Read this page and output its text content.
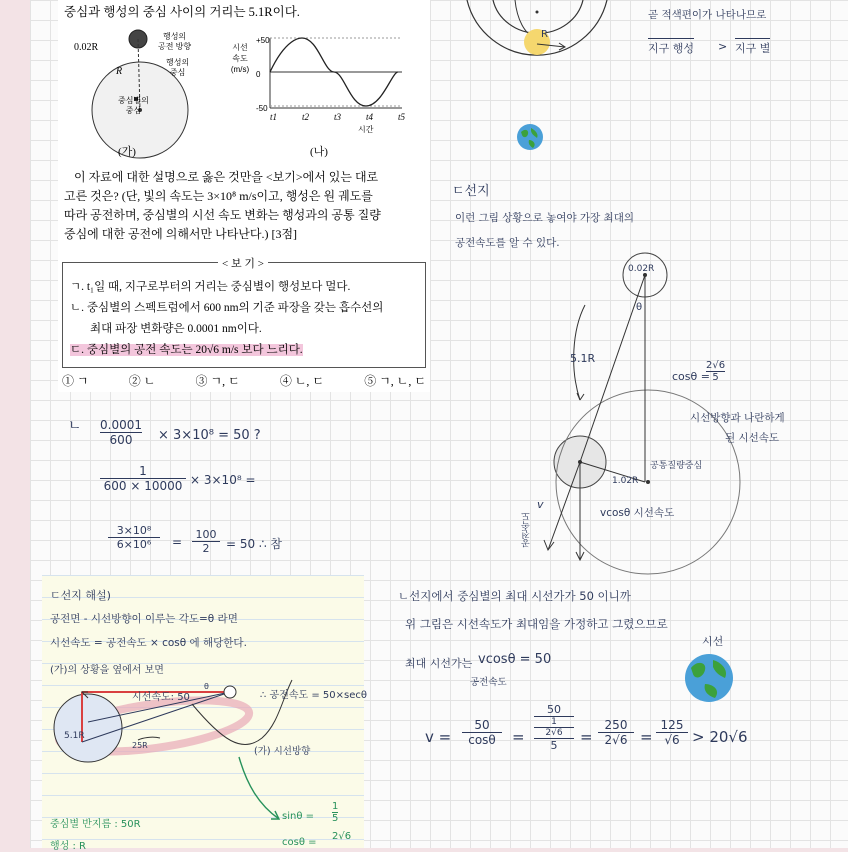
중심과 행성의 중심 사이의 거리는 5.1R이다.
0.02R
행성의
공전 방향
행성의
중심
R
중심별의
중심
(가)
시선 속도 (m/s)
+50
0
-50
t1	t2	t3	t4	t5
시간
(나)
이 자료에 대한 설명으로 옳은 것만을 <보기>에서 있는 대로
고른 것은? (단, 빛의 속도는 3×10⁸ m/s이고, 행성은 원 궤도를
따라 공전하며, 중심별의 시선 속도 변화는 행성과의 공통 질량
중심에 대한 공전에 의해서만 나타난다.) [3점]
< 보 기 >
ㄱ. t₁일 때, 지구로부터의 거리는 중심별이 행성보다 멀다.
ㄴ. 중심별의 스펙트럼에서 600 nm의 기준 파장을 갖는 흡수선의
최대 파장 변화량은 0.0001 nm이다.
ㄷ. 중심별의 공전 속도는 20√6 m/s 보다 느리다.
① ㄱ	② ㄴ	③ ㄱ, ㄷ	④ ㄴ, ㄷ	⑤ ㄱ, ㄴ, ㄷ
R
곧 적색편이가 나타나므로
지구 행성 > 지구 별
ㄴ $\frac{0.0001}{600} \times 3\times 10^8 = 50$ ?
$\frac{1}{600 \times 10000} \times 3\times 10^8$ =
$\frac{\text{3×10⁸}}{\text{6×10⁶}} = \frac{100}{2} = 50$ ∴ 참
ㄷ선지
이런 그림 상황으로 놓여야 가장 최대의
공전속도를 알 수 있다.
0.02R
θ
5.1R
cosθ =
$\frac{2√6}{5}$
시선방향과 나란하게
된 시선속도
공통질량중심
1.02R
v
공전속도	vcosθ 시선속도
ㄷ선지 해설)
공전면 - 시선방향이 이루는 각도=θ 라면
시선속도 = 공전속도 × cosθ 에 해당한다.
(가)의 상황을 옆에서 보면
시선속도: 50
θ
∴ 공전속도 = 50×secθ
5.1R
25R
(가) 시선방향
중심별 반지름 : 50R
행성 : R
$\sin\theta = \frac{1}{5}$
cosθ =
2√6
ㄴ선지에서 중심별의 최대 시선가가 50 이니까
위 그림은 시선속도가 최대임을 가정하고 그렸으므로
최대 시선가는 vcosθ = 50
공전속도
시선
$v = \frac{50}{\cos\theta}$ =
50
1
2√6
5	= $\frac{250}{2√6} = \frac{125}{√6} > 20√6$
